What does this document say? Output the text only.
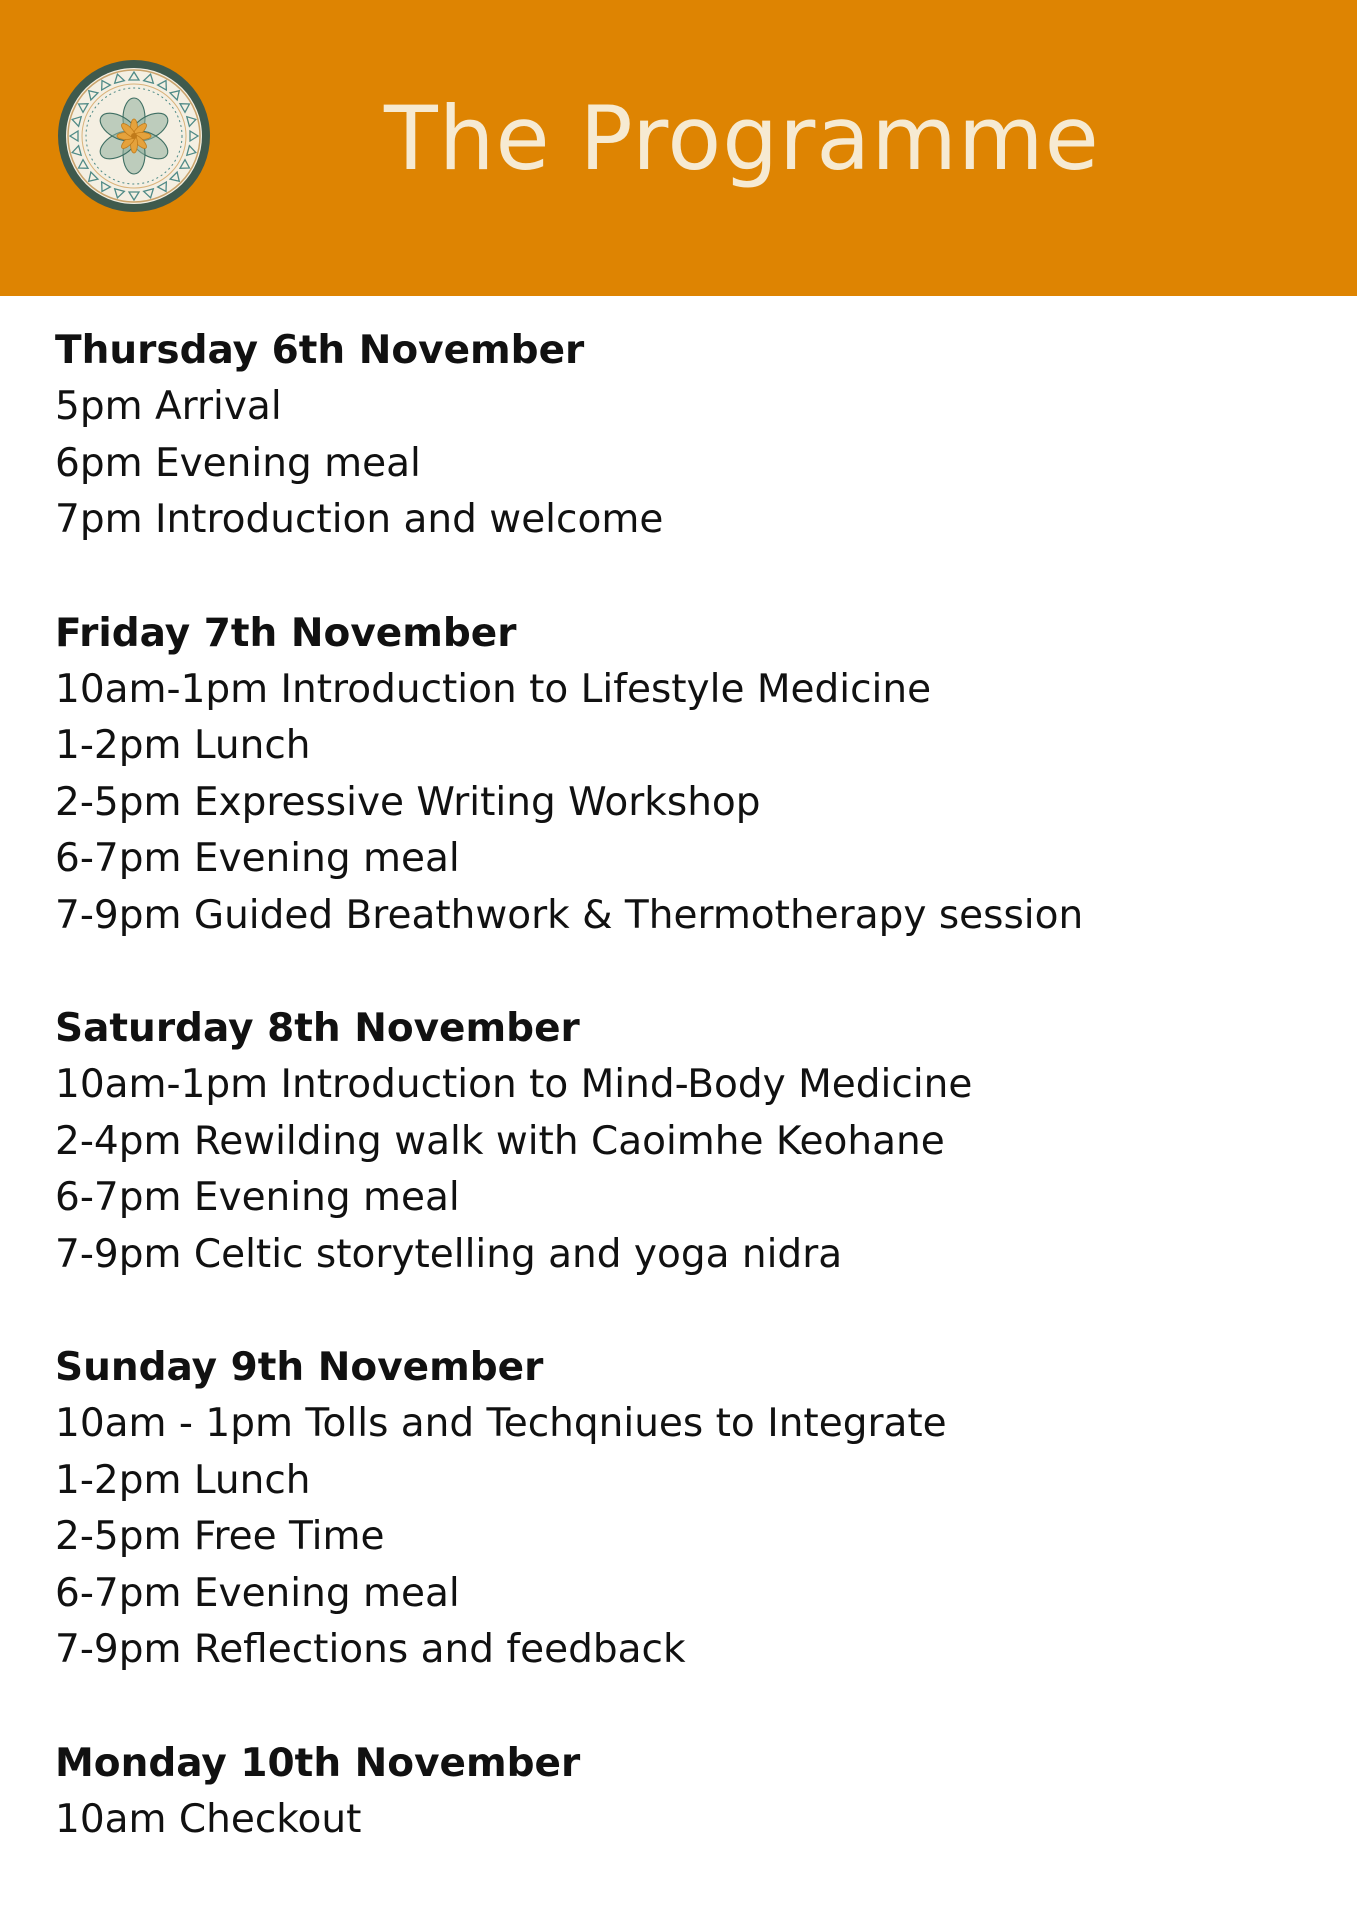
The Programme
Thursday 6th November
5pm Arrival
6pm Evening meal
7pm Introduction and welcome
Friday 7th November
10am-1pm Introduction to Lifestyle Medicine
1-2pm Lunch
2-5pm Expressive Writing Workshop
6-7pm Evening meal
7-9pm Guided Breathwork & Thermotherapy session
Saturday 8th November
10am-1pm Introduction to Mind-Body Medicine
2-4pm Rewilding walk with Caoimhe Keohane
6-7pm Evening meal
7-9pm Celtic storytelling and yoga nidra
Sunday 9th November
10am - 1pm Tolls and Techqniues to Integrate
1-2pm Lunch
2-5pm Free Time
6-7pm Evening meal
7-9pm Reflections and feedback
Monday 10th November
10am Checkout
